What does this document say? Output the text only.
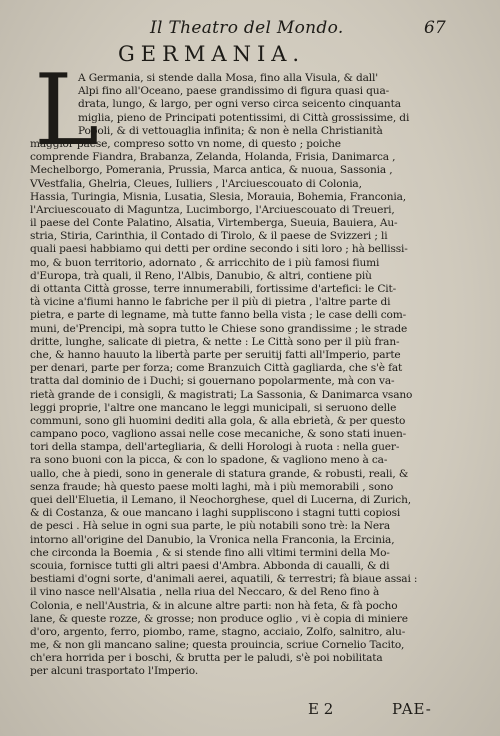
Il Theatro del Mondo.	67
GERMANIA.
L
A Germania, si stende dalla Mosa, fino alla Visula, & dall'
Alpi fino all'Oceano, paese grandissimo di figura quasi qua-
drata, lungo, & largo, per ogni verso circa seicento cinquanta
miglia, pieno de Principati potentissimi, di Città grossissime, di
Popoli, & di vettouaglia infinita; & non è nella Christianità
maggior paese, compreso sotto vn nome, di questo ; poiche
comprende Fiandra, Brabanza, Zelanda, Holanda, Frisia, Danimarca ,
Mechelborgo, Pomerania, Prussia, Marca antica, & nuoua, Sassonia ,
VVestfalia, Ghelria, Cleues, Iulliers , l'Arciuescouato di Colonia,
Hassia, Turingia, Misnia, Lusatia, Slesia, Morauia, Bohemia, Franconia,
l'Arciuescouato di Maguntza, Lucimborgo, l'Arciuescouato di Treueri,
il paese del Conte Palatino, Alsatia, Virtemberga, Sueuia, Bauiera, Au-
stria, Stiria, Carinthia, il Contado di Tirolo, & il paese de Svizzeri ; li
quali paesi habbiamo qui detti per ordine secondo i siti loro ; hà bellissi-
mo, & buon territorio, adornato , & arricchito de i più famosi fiumi
d'Europa, trà quali, il Reno, l'Albis, Danubio, & altri, contiene più
di ottanta Città grosse, terre innumerabili, fortissime d'artefici: le Cit-
tà vicine a'fiumi hanno le fabriche per il più di pietra , l'altre parte di
pietra, e parte di legname, mà tutte fanno bella vista ; le case delli com-
muni, de'Prencipi, mà sopra tutto le Chiese sono grandissime ; le strade
dritte, lunghe, salicate di pietra, & nette : Le Città sono per il più fran-
che, & hanno hauuto la libertà parte per seruitij fatti all'Imperio, parte
per denari, parte per forza; come Branzuich Città gagliarda, che s'è fat
tratta dal dominio de i Duchi; si gouernano popolarmente, mà con va-
rietà grande de i consigli, & magistrati; La Sassonia, & Danimarca vsano
leggi proprie, l'altre one mancano le leggi municipali, si seruono delle
communi, sono gli huomini dediti alla gola, & alla ebrietà, & per questo
campano poco, vagliono assai nelle cose mecaniche, & sono stati inuen-
tori della stampa, dell'artegliaria, & delli Horologi à ruota : nella guer-
ra sono buoni con la picca, & con lo spadone, & vagliono meno à ca-
uallo, che à piedi, sono in generale di statura grande, & robusti, reali, &
senza fraude; hà questo paese molti laghi, mà i più memorabili , sono
quei dell'Eluetia, il Lemano, il Neochorghese, quel di Lucerna, di Zurich,
& di Costanza, & oue mancano i laghi suppliscono i stagni tutti copiosi
de pesci . Hà selue in ogni sua parte, le più notabili sono trè: la Nera
intorno all'origine del Danubio, la Vronica nella Franconia, la Ercinia,
che circonda la Boemia , & si stende fino alli vltimi termini della Mo-
scouia, fornisce tutti gli altri paesi d'Ambra. Abbonda di caualli, & di
bestiami d'ogni sorte, d'animali aerei, aquatili, & terrestri; fà biaue assai :
il vino nasce nell'Alsatia , nella riua del Neccaro, & del Reno fino à
Colonia, e nell'Austria, & in alcune altre parti: non hà feta, & fà pocho
lane, & queste rozze, & grosse; non produce oglio , vi è copia di miniere
d'oro, argento, ferro, piombo, rame, stagno, acciaio, Zolfo, salnitro, alu-
me, & non gli mancano saline; questa prouincia, scriue Cornelio Tacito,
ch'era horrida per i boschi, & brutta per le paludi, s'è poi nobilitata
per alcuni trasportato l'Imperio.
E 2	PAE-
